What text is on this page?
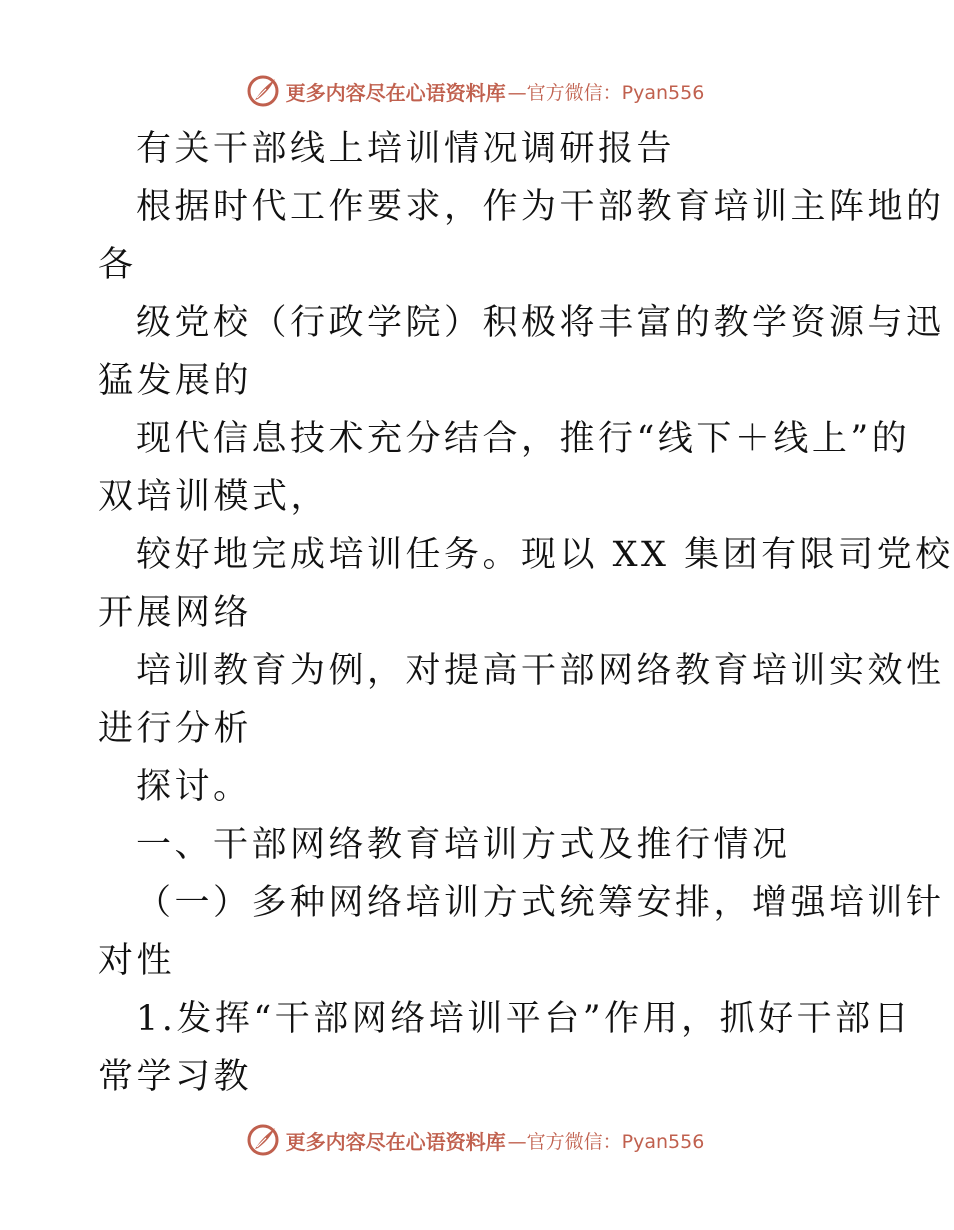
更多内容尽在心语资料库 —官方微信：Pyan556
有关干部线上培训情况调研报告
根据时代工作要求，作为干部教育培训主阵地的
各
级党校（行政学院）积极将丰富的教学资源与迅
猛发展的
现代信息技术充分结合，推行“线下＋线上”的
双培训模式，
较好地完成培训任务。现以 XX 集团有限司党校
开展网络
培训教育为例，对提高干部网络教育培训实效性
进行分析
探讨。
一、干部网络教育培训方式及推行情况
（一）多种网络培训方式统筹安排，增强培训针
对性
1.发挥“干部网络培训平台”作用，抓好干部日
常学习教
更多内容尽在心语资料库 —官方微信：Pyan556
